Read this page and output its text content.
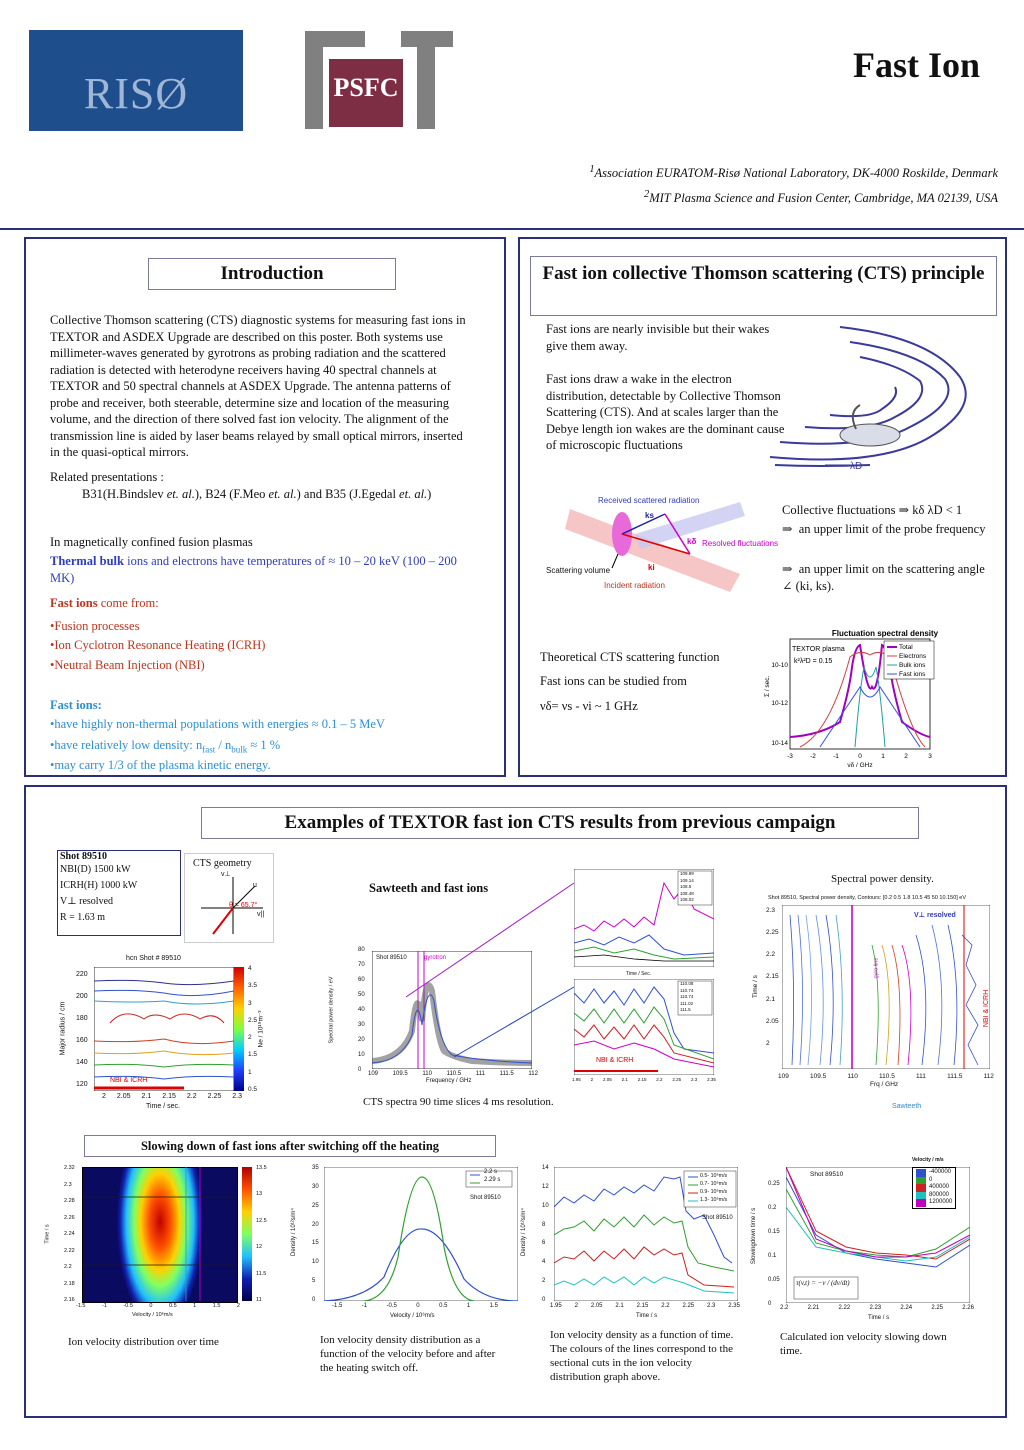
RISØ	PSFC
Fast Ion
$^1$Association EURATOM-Risø National Laboratory, DK-4000 Roskilde, Denmark
$^2$MIT Plasma Science and Fusion Center, Cambridge, MA 02139, USA
Introduction

Collective Thomson scattering (CTS) diagnostic systems for measuring fast ions in TEXTOR and ASDEX Upgrade are described on this poster. Both systems use millimeter-waves generated by gyrotrons as probing radiation and the scattered radiation is detected with heterodyne receivers having 40 spectral channels at TEXTOR and 50 spectral channels at ASDEX Upgrade. The antenna patterns of probe and receiver, both steerable, determine size and location of the measuring volume, and the direction of there solved fast ion velocity. The alignment of the transmission line is aided by laser beams relayed by small optical mirrors, inserted in the quasi-optical mirrors.

Related presentations :

B31(H.Bindslev et. al.), B24 (F.Meo et. al.) and B35 (J.Egedal et. al.)

In magnetically confined fusion plasmas

Thermal bulk ions and electrons have temperatures of ≈ 10 – 20 keV (100 – 200 MK)

Fast ions come from:

•Fusion processes

•Ion Cyclotron Resonance Heating (ICRH)

•Neutral Beam Injection (NBI)

Fast ions:

•have highly non-thermal populations with energies ≈ 0.1 – 5 MeV

•have relatively low density: $n_{fast} / n_{bulk} \approx 1$ %

•may carry 1/3 of the plasma kinetic energy.

Fast ion collective Thomson scattering (CTS) principle

Fast ions are nearly invisible but their wakes give them away.

Fast ions draw a wake in the electron distribution, detectable by Collective Thomson Scattering (CTS). And at scales larger than the Debye length ion wakes are the dominant cause of microscopic fluctuations

λD
Received scattered radiation
Resolved fluctuations
Scattering volume
Incident radiation
ks
kδ
ki

Collective fluctuations ⇒ kδ λD < 1

⇒  an upper limit of the probe frequency

⇒  an upper limit on the scattering angle ∠ (ki, ks).

Theoretical CTS scattering function

Fast ions can be studied from

νδ= νs - νi ~ 1 GHz

Fluctuation spectral density
TEXTOR plasma
k²λ²D = 0.15
Total
Electrons
Bulk ions
Fast ions
10-10
10-12
10-14
Σ / sec.
-3	-2	-1	0	1	2	3
νδ / GHz
Examples of TEXTOR fast ion CTS results from previous campaign
Shot 89510
NBI(D) 1500 kW
ICRH(H) 1000 kW
V⊥ resolved
R = 1.63 m
CTS geometry
θ = 65.7°
u
v⊥
v||
hcn Shot # 89510
NBI & ICRH
220
200
180
160
140
120
Major radius / cm
2 2.05 2.1 2.15 2.2 2.25 2.3
Time / sec.
4
3.5
3
2.5
2
1.5
1
0.5
Ne / 10¹⁹m⁻³
Sawteeth and fast ions
Shot 89510	gyrotron
80
70
60
50
40
30
20
10
0
Spectral power density / eV
109 109.5 110 110.5 111 111.5 112
Frequency / GHz
CTS spectra 90 time slices 4 ms resolution.
109.99
109.14
108.5
108.48
108.02
Time / Sec.
110.08
110.74
110.74
111.02
111.5
NBI & ICRH
1.95 2 2.05 2.1 2.15 2.2 2.25 2.3 2.35
Spectral power density.
Shot 89510, Spectral power density, Contours: [0.2 0.5 1.8 10.5 45 50 10.150] eV
V⊥ resolved
gyro line
NBI & ICRH
2.3
2.25
2.2
2.15
2.1
2.05
2
Time / s
109	109.5	110	110.5	111	111.5	112
Frq / GHz
Sawteeth
Slowing down of fast ions after switching off the heating
2.32
2.3
2.28
2.26
2.24
2.22
2.2
2.18
2.16
Time / s
-1.5	-1	-0.5	0	0.5	1	1.5	2
Velocity / 10⁶m/s
13.5
13
12.5
12
11.5
11
Ion velocity distribution over time
2.2 s
2.29 s
Shot 89510
35
30
25
20
15
10
5
0
Density / 10¹²s/m⁴
-1.5	-1	-0.5	0	0.5	1	1.5
Velocity / 10⁶m/s
Ion velocity density distribution as a function of the velocity before and after the heating switch off.
0.5- 10⁶m/s
0.7- 10⁶m/s
0.9- 10⁶m/s
1.3- 10⁶m/s
Shot 89510
14
12
10
8
6
4
2
0
Density / 10¹²s/m⁴
1.95 2 2.05 2.1 2.15 2.2 2.25 2.3 2.35
Time / s
Ion velocity density as a function of time. The colours of the lines correspond to the sectional cuts in the ion velocity distribution graph above.
τ(v,t) = −v / (dv/dt)
Shot 89510
Velocity / m/s
-400000
0
400000
800000
1200000
0.25
0.2
0.15
0.1
0.05
0
Slowingdown time / s
2.2	2.21	2.22	2.23	2.24	2.25	2.26
Time / s
Calculated ion velocity slowing down time.
